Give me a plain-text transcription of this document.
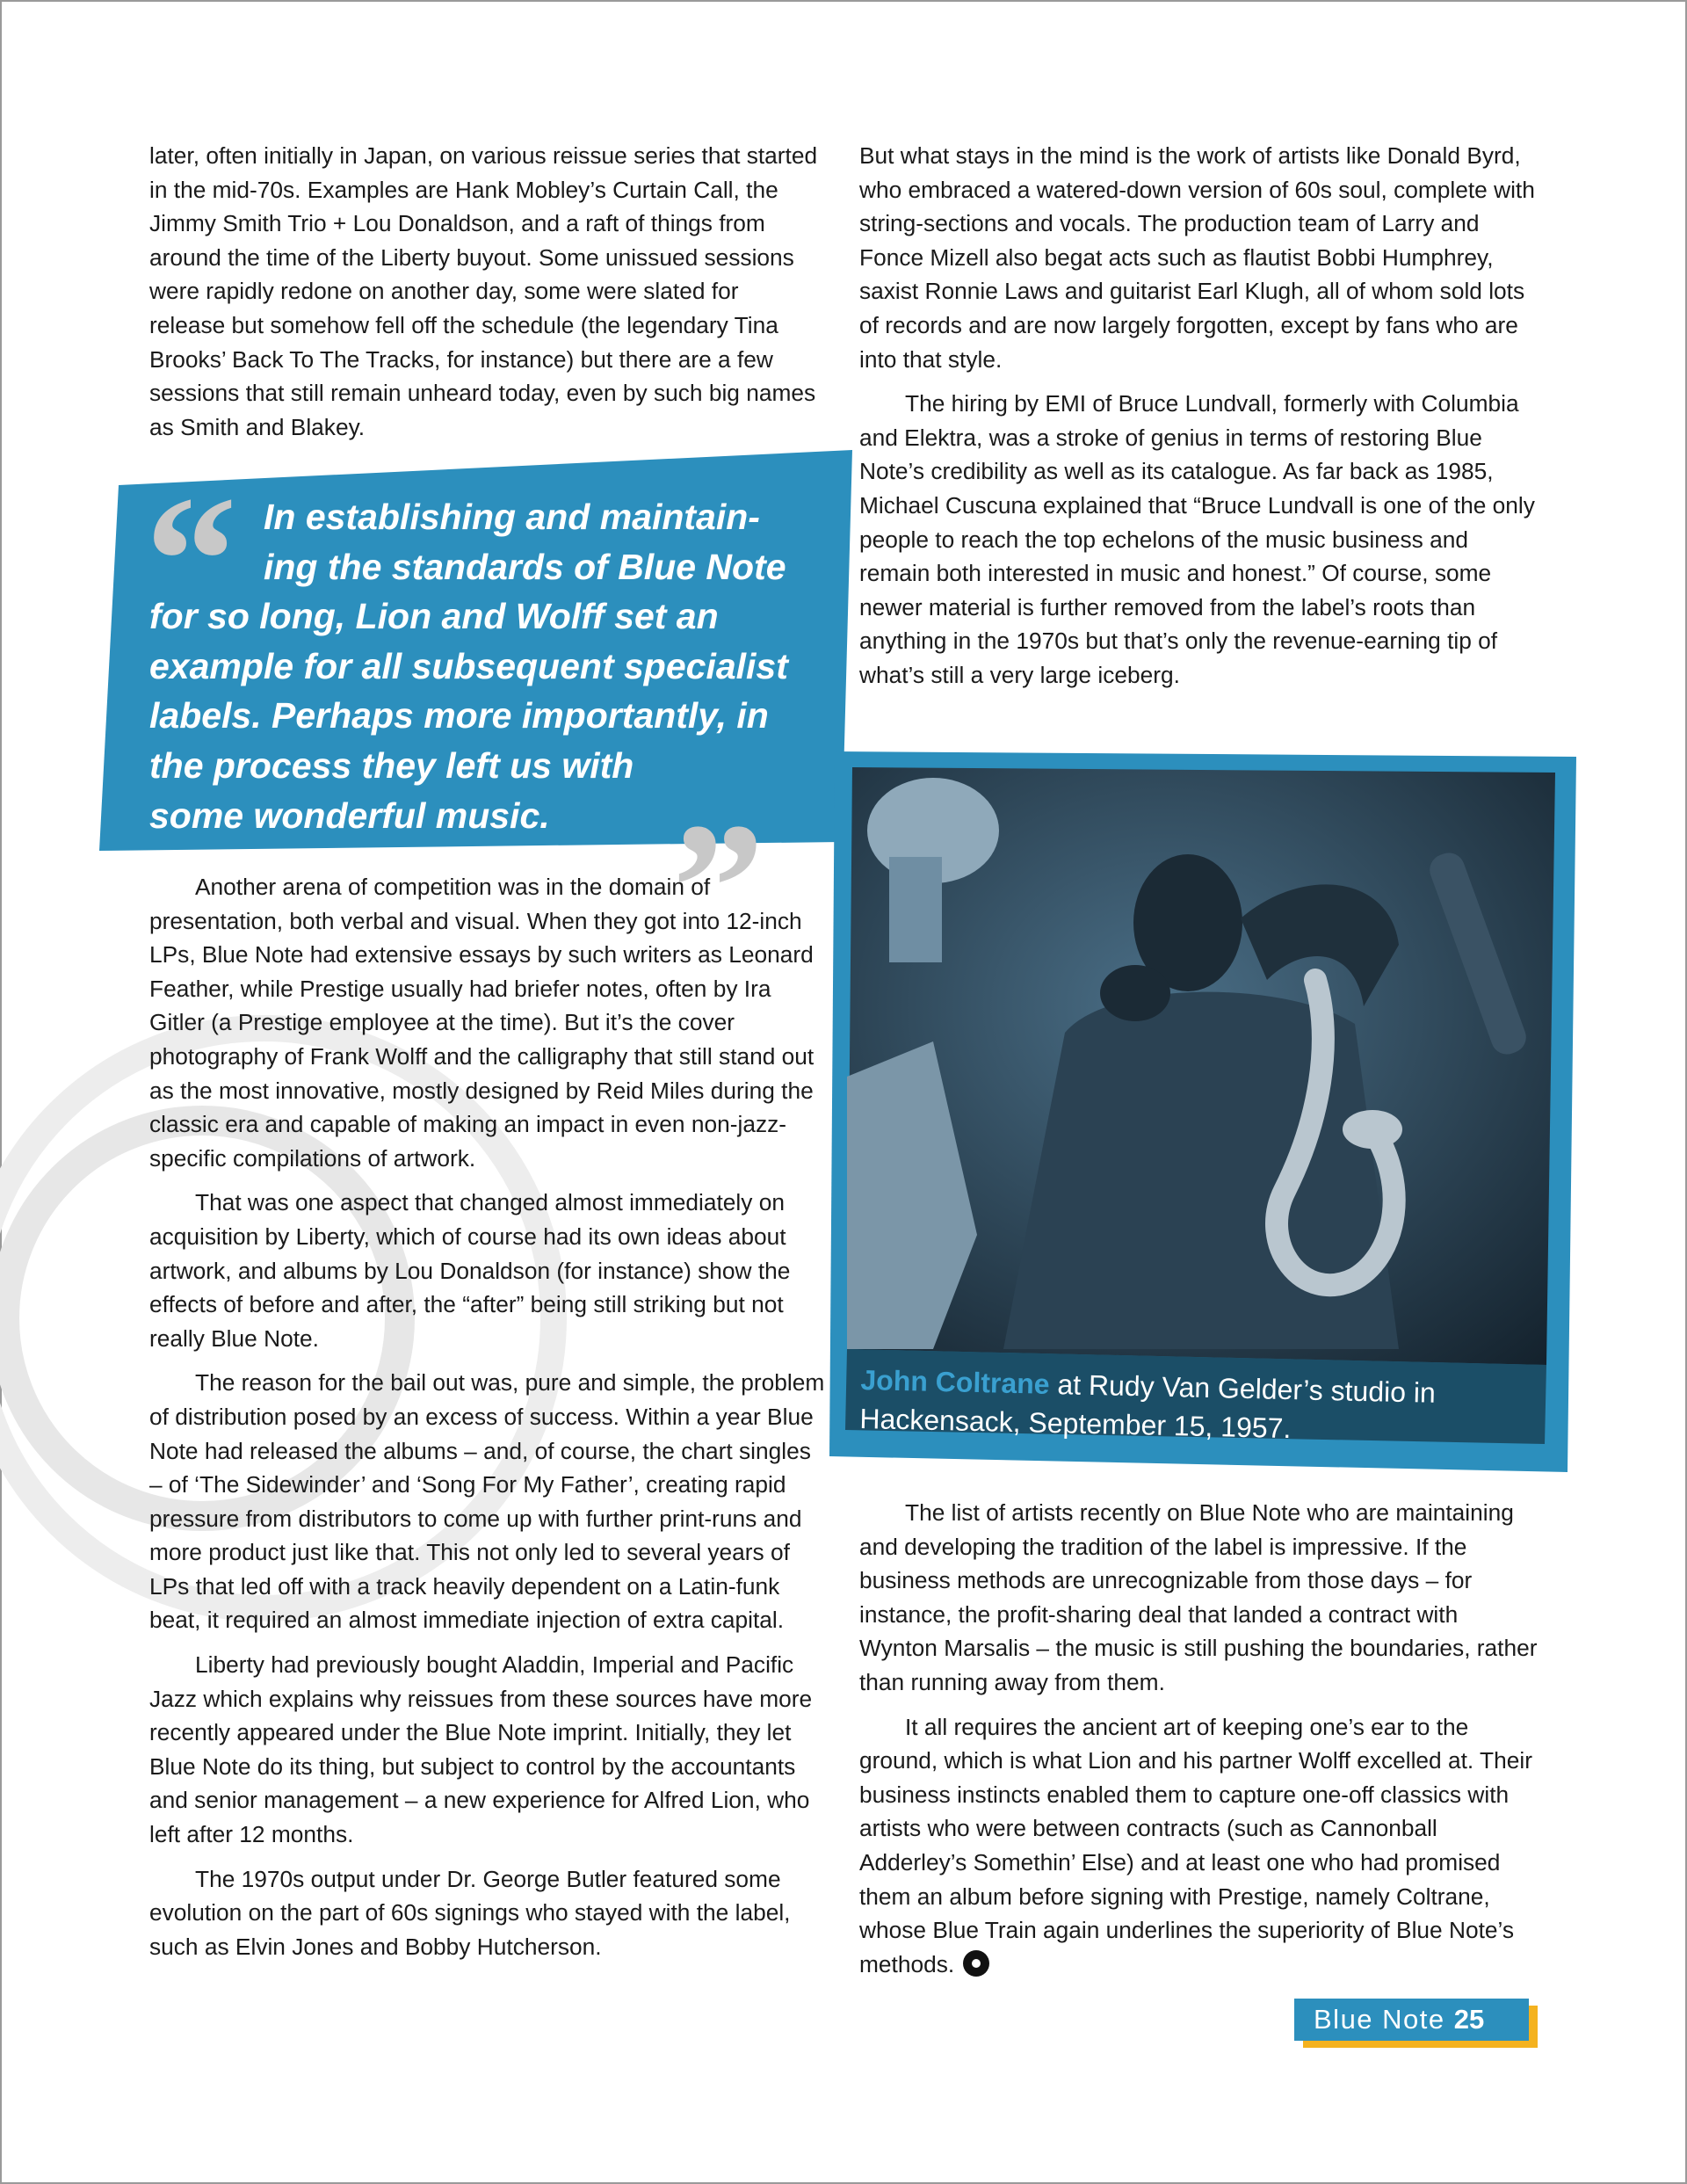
later, often initially in Japan, on various reissue series that started in the mid-70s. Examples are Hank Mobley’s Curtain Call, the Jimmy Smith Trio + Lou Donaldson, and a raft of things from around the time of the Liberty buyout. Some unissued sessions were rapidly redone on another day, some were slated for release but somehow fell off the schedule (the legendary Tina Brooks’ Back To The Tracks, for instance) but there are a few sessions that still remain unheard today, even by such big names as Smith and Blakey.

“
”
In establishing and maintain-
ing the standards of Blue Note
for so long, Lion and Wolff set an
example for all subsequent specialist
labels. Perhaps more importantly, in
the process they left us with
some wonderful music.

Another arena of competition was in the domain of presentation, both verbal and visual. When they got into 12-inch LPs, Blue Note had extensive essays by such writers as Leonard Feather, while Prestige usually had briefer notes, often by Ira Gitler (a Prestige employee at the time). But it’s the cover photography of Frank Wolff and the calligraphy that still stand out as the most innovative, mostly designed by Reid Miles during the classic era and capable of making an impact in even non-jazz-specific compilations of artwork.

That was one aspect that changed almost immediately on acquisition by Liberty, which of course had its own ideas about artwork, and albums by Lou Donaldson (for instance) show the effects of before and after, the “after” being still striking but not really Blue Note.

The reason for the bail out was, pure and simple, the problem of distribution posed by an excess of success. Within a year Blue Note had released the albums – and, of course, the chart singles – of ‘The Sidewinder’ and ‘Song For My Father’, creating rapid pressure from distributors to come up with further print-runs and more product just like that. This not only led to several years of LPs that led off with a track heavily dependent on a Latin-funk beat, it required an almost immediate injection of extra capital.

Liberty had previously bought Aladdin, Imperial and Pacific Jazz which explains why reissues from these sources have more recently appeared under the Blue Note imprint. Initially, they let Blue Note do its thing, but subject to control by the accountants and senior management – a new experience for Alfred Lion, who left after 12 months.

The 1970s output under Dr. George Butler featured some evolution on the part of 60s signings who stayed with the label, such as Elvin Jones and Bobby Hutcherson.

But what stays in the mind is the work of artists like Donald Byrd, who embraced a watered-down version of 60s soul, complete with string-sections and vocals. The production team of Larry and Fonce Mizell also begat acts such as flautist Bobbi Humphrey, saxist Ronnie Laws and guitarist Earl Klugh, all of whom sold lots of records and are now largely forgotten, except by fans who are into that style.

The hiring by EMI of Bruce Lundvall, formerly with Columbia and Elektra, was a stroke of genius in terms of restoring Blue Note’s credibility as well as its catalogue. As far back as 1985, Michael Cuscuna explained that “Bruce Lundvall is one of the only people to reach the top echelons of the music business and remain both interested in music and honest.” Of course, some newer material is further removed from the label’s roots than anything in the 1970s but that’s only the revenue-earning tip of what’s still a very large iceberg.

John Coltrane at Rudy Van Gelder’s studio in
Hackensack, September 15, 1957.

The list of artists recently on Blue Note who are maintaining and developing the tradition of the label is impressive. If the business methods are unrecognizable from those days – for instance, the profit-sharing deal that landed a contract with Wynton Marsalis – the music is still pushing the boundaries, rather than running away from them.

It all requires the ancient art of keeping one’s ear to the ground, which is what Lion and his partner Wolff excelled at. Their business instincts enabled them to capture one-off classics with artists who were between contracts (such as Cannonball Adderley’s Somethin’ Else) and at least one who had promised them an album before signing with Prestige, namely Coltrane, whose Blue Train again underlines the superiority of Blue Note’s methods.

Blue Note 25
